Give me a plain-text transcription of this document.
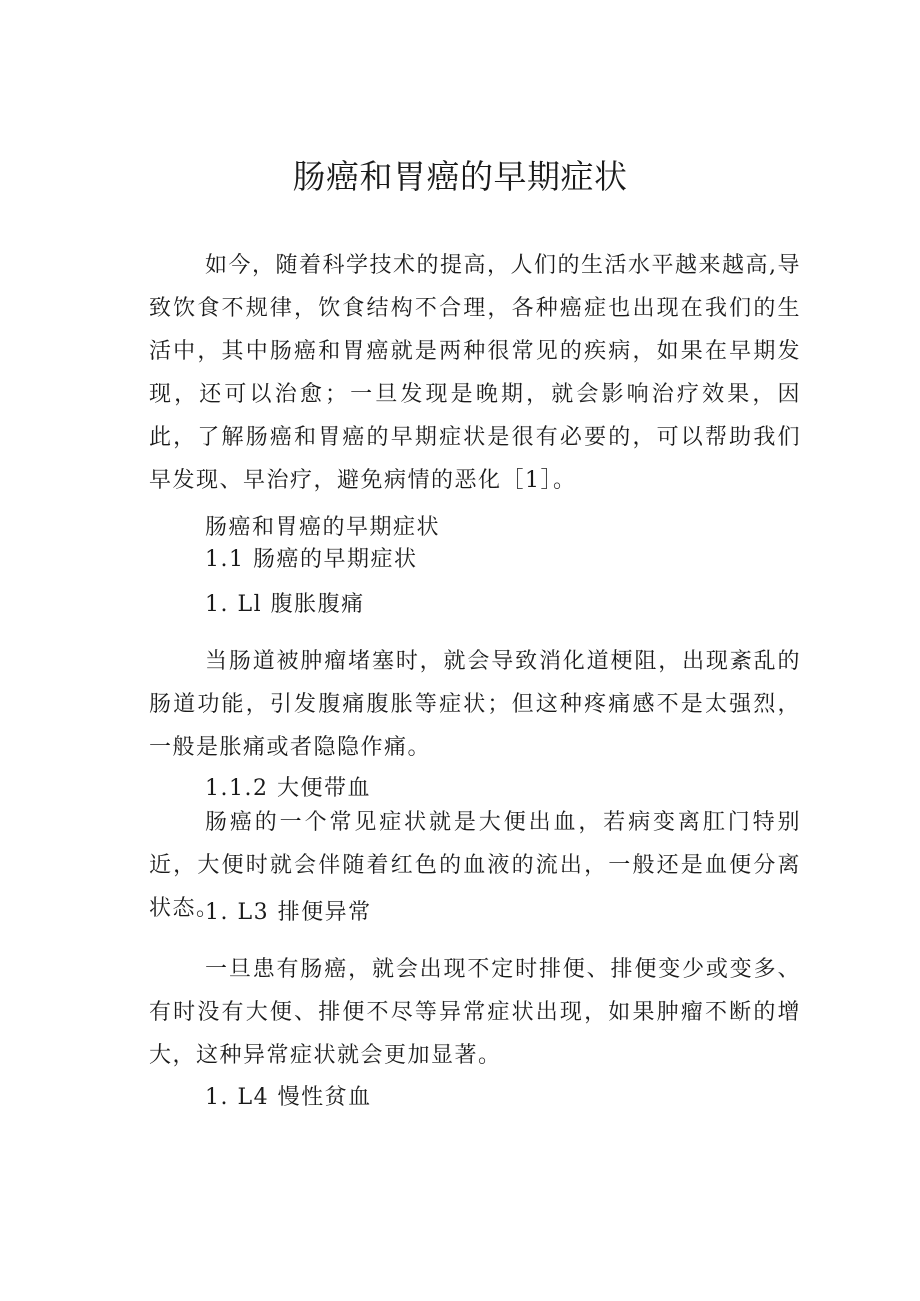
肠癌和胃癌的早期症状

如今，随着科学技术的提高，人们的生活水平越来越高,导致饮食不规律，饮食结构不合理，各种癌症也出现在我们的生活中，其中肠癌和胃癌就是两种很常见的疾病，如果在早期发现，还可以治愈；一旦发现是晚期，就会影响治疗效果，因此，了解肠癌和胃癌的早期症状是很有必要的，可以帮助我们早发现、早治疗，避免病情的恶化［1］。

肠癌和胃癌的早期症状
1.1 肠癌的早期症状
1. Ll 腹胀腹痛

当肠道被肿瘤堵塞时，就会导致消化道梗阻，出现紊乱的肠道功能，引发腹痛腹胀等症状；但这种疼痛感不是太强烈，一般是胀痛或者隐隐作痛。

1.1.2 大便带血

肠癌的一个常见症状就是大便出血，若病变离肛门特别近，大便时就会伴随着红色的血液的流出，一般还是血便分离状态。

1. L3 排便异常

一旦患有肠癌，就会出现不定时排便、排便变少或变多、有时没有大便、排便不尽等异常症状出现，如果肿瘤不断的增大，这种异常症状就会更加显著。

1. L4 慢性贫血
